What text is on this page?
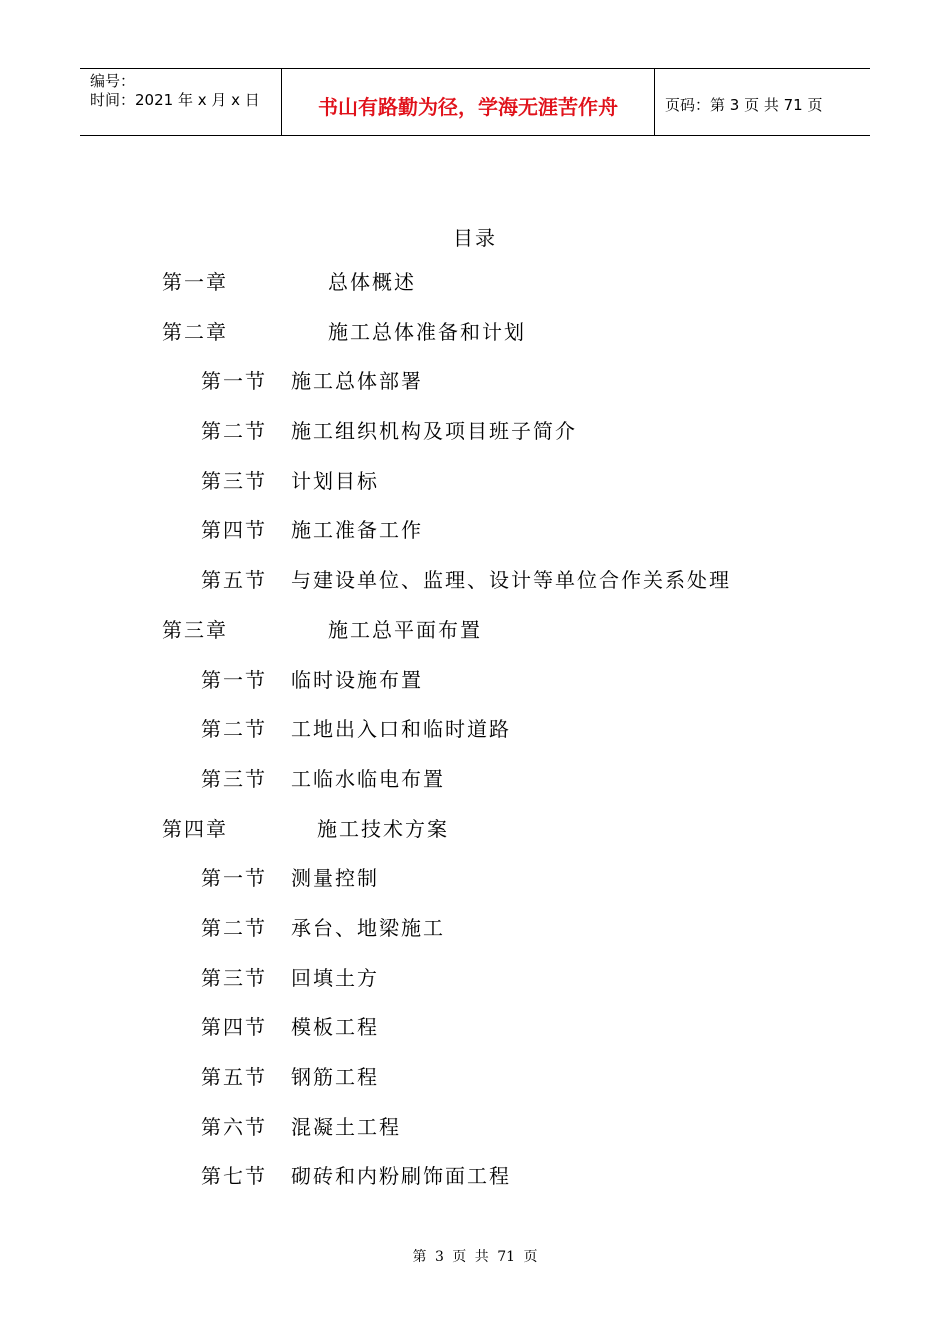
编号：
时间：2021 年 x 月 x 日	书山有路勤为径，学海无涯苦作舟	页码：第 3 页 共 71 页
目录
第一章	总体概述
第二章	施工总体准备和计划
第一节 施工总体部署
第二节 施工组织机构及项目班子简介
第三节 计划目标
第四节 施工准备工作
第五节 与建设单位、监理、设计等单位合作关系处理
第三章	施工总平面布置
第一节 临时设施布置
第二节 工地出入口和临时道路
第三节 工临水临电布置
第四章	施工技术方案
第一节 测量控制
第二节 承台、地梁施工
第三节 回填土方
第四节 模板工程
第五节 钢筋工程
第六节 混凝土工程
第七节 砌砖和内粉刷饰面工程
第 3 页 共 71 页
